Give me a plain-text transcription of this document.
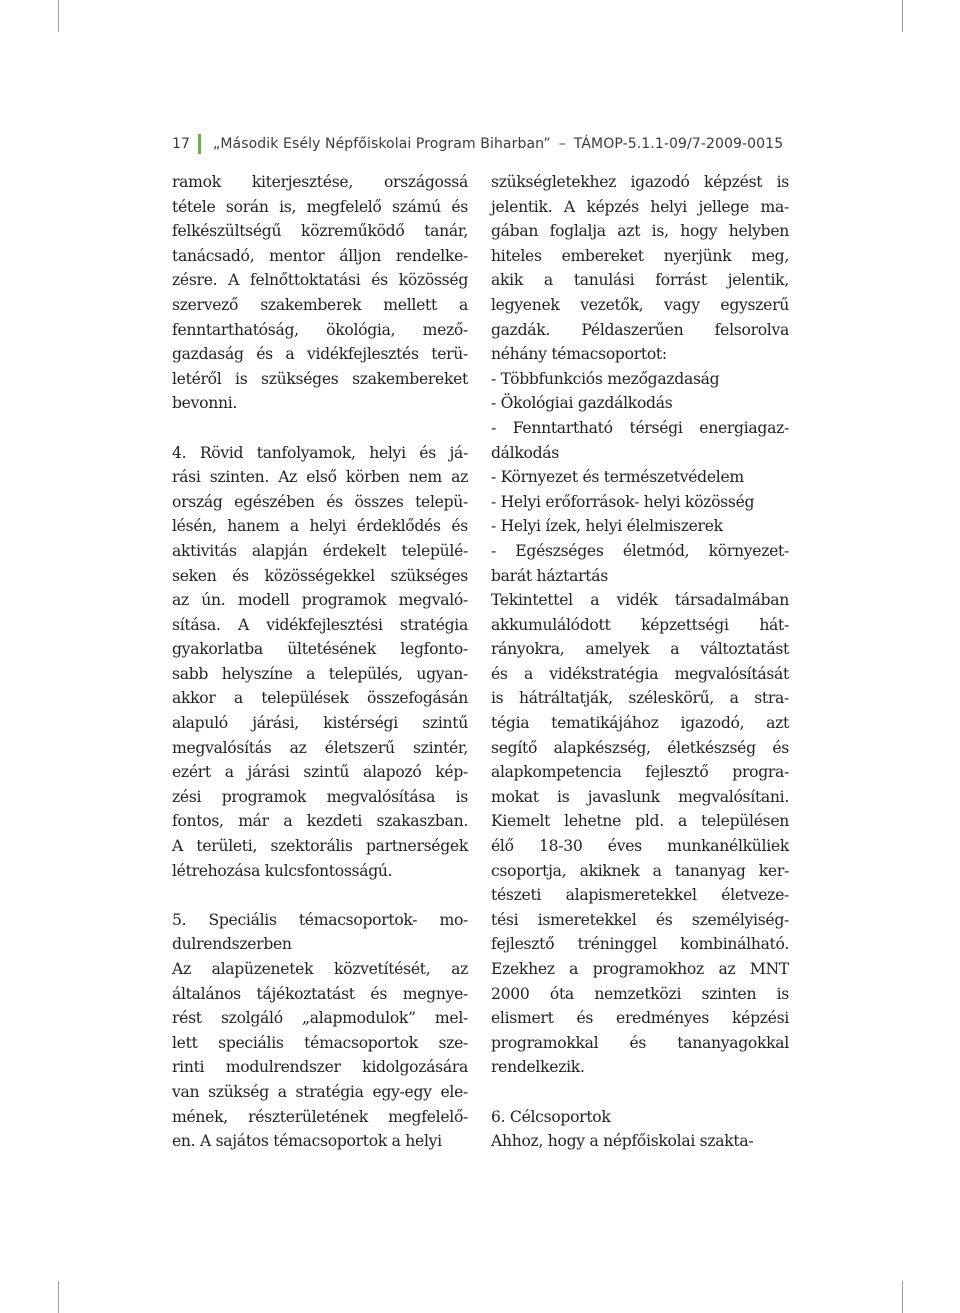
17 „Második Esély Népfőiskolai Program Biharban” – TÁMOP-5.1.1-09/7-2009-0015

ramok kiterjesztése, országossá
tétele során is, megfelelő számú és
felkészültségű közreműködő tanár,
tanácsadó, mentor álljon rendelke-
zésre. A felnőttoktatási és közösség
szervező szakemberek mellett a
fenntarthatóság, ökológia, mező-
gazdaság és a vidékfejlesztés terü-
letéről is szükséges szakembereket
bevonni.

4. Rövid tanfolyamok, helyi és já-
rási szinten. Az első körben nem az
ország egészében és összes telepü-
lésén, hanem a helyi érdeklődés és
aktivitás alapján érdekelt települé-
seken és közösségekkel szükséges
az ún. modell programok megvaló-
sítása. A vidékfejlesztési stratégia
gyakorlatba ültetésének legfonto-
sabb helyszíne a település, ugyan-
akkor a települések összefogásán
alapuló járási, kistérségi szintű
megvalósítás az életszerű szintér,
ezért a járási szintű alapozó kép-
zési programok megvalósítása is
fontos, már a kezdeti szakaszban.
A területi, szektorális partnerségek
létrehozása kulcsfontosságú.

5. Speciális témacsoportok- mo-
dulrendszerben
Az alapüzenetek közvetítését, az
általános tájékoztatást és megnye-
rést szolgáló „alapmodulok” mel-
lett speciális témacsoportok sze-
rinti modulrendszer kidolgozására
van szükség a stratégia egy-egy ele-
mének, részterületének megfelelő-
en. A sajátos témacsoportok a helyi

szükségletekhez igazodó képzést is
jelentik. A képzés helyi jellege ma-
gában foglalja azt is, hogy helyben
hiteles embereket nyerjünk meg,
akik a tanulási forrást jelentik,
legyenek vezetők, vagy egyszerű
gazdák. Példaszerűen felsorolva
néhány témacsoportot:
- Többfunkciós mezőgazdaság
- Ökológiai gazdálkodás
- Fenntartható térségi energiagaz-
dálkodás
- Környezet és természetvédelem
- Helyi erőforrások- helyi közösség
- Helyi ízek, helyi élelmiszerek
- Egészséges életmód, környezet-
barát háztartás
Tekintettel a vidék társadalmában
akkumulálódott képzettségi hát-
rányokra, amelyek a változtatást
és a vidékstratégia megvalósítását
is hátráltatják, széleskörű, a stra-
tégia tematikájához igazodó, azt
segítő alapkészség, életkészség és
alapkompetencia fejlesztő progra-
mokat is javaslunk megvalósítani.
Kiemelt lehetne pld. a településen
élő 18-30 éves munkanélküliek
csoportja, akiknek a tananyag ker-
tészeti alapismeretekkel életveze-
tési ismeretekkel és személyiség-
fejlesztő tréninggel kombinálható.
Ezekhez a programokhoz az MNT
2000 óta nemzetközi szinten is
elismert és eredményes képzési
programokkal és tananyagokkal
rendelkezik.

6. Célcsoportok
Ahhoz, hogy a népfőiskolai szakta-
